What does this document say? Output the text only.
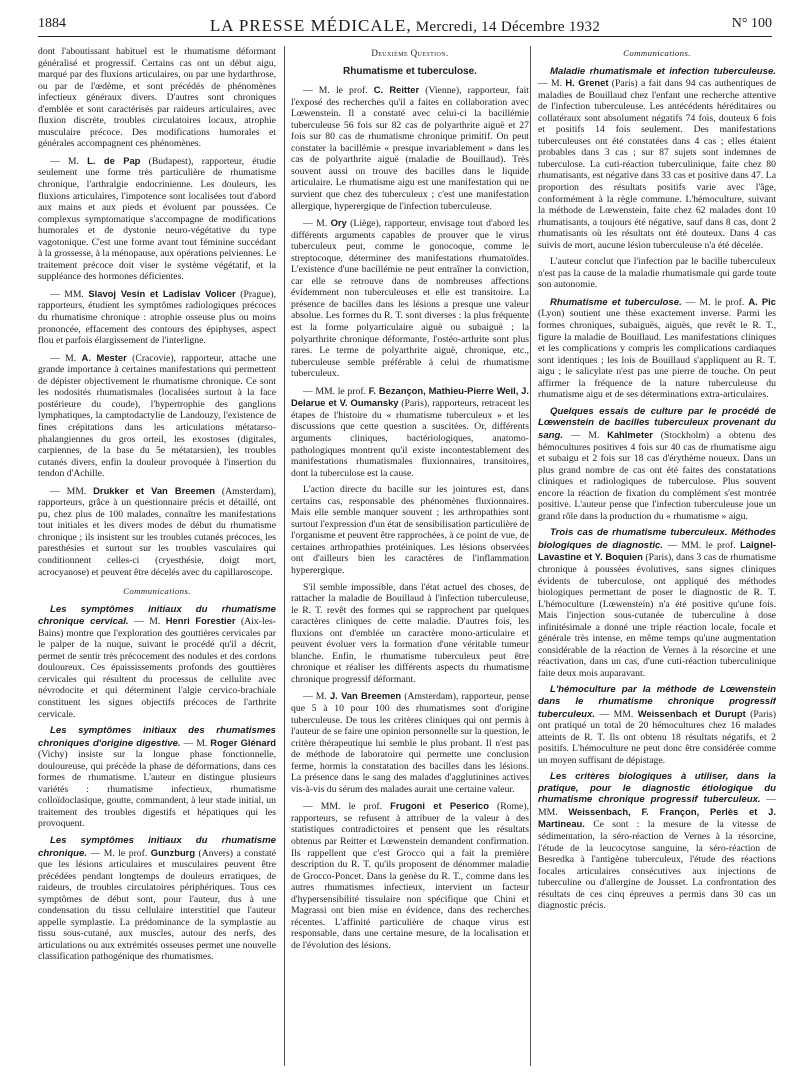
1884	LA PRESSE MÉDICALE, Mercredi, 14 Décembre 1932	N° 100

dont l'aboutissant habituel est le rhumatisme déformant généralisé et progressif. Certains cas ont un début aigu, marqué par des fluxions articulaires, ou par une hydarthrose, ou par de l'œdème, et sont précédés de phénomènes infectieux généraux divers. D'autres sont chroniques d'emblée et sont caractérisés par raideurs articulaires, avec fluxion discrète, troubles circulatoires locaux, atrophie musculaire précoce. Des modifications humorales et générales accompagnent ces phénomènes.

— M. L. de Pap (Budapest), rapporteur, étudie seulement une forme très particulière de rhumatisme chronique, l'arthralgie endocrinienne. Les douleurs, les fluxions articulaires, l'impotence sont localisées tout d'abord aux mains et aux pieds et évoluent par poussées. Ce complexus symptomatique s'accompagne de modifications humorales et de dystonie neuro-végétative du type vagotonique. C'est une forme avant tout féminine succédant à la grossesse, à la ménopause, aux opérations pelviennes. Le traitement précoce doit viser le système végétatif, et la suppléance des hormones déficientes.

— MM. Slavoj Vesin et Ladislav Volicer (Prague), rapporteurs, étudient les symptômes radiologiques précoces du rhumatisme chronique : atrophie osseuse plus ou moins prononcée, effacement des contours des épiphyses, aspect flou et parfois élargissement de l'interligne.

— M. A. Mester (Cracovie), rapporteur, attache une grande importance à certaines manifestations qui permettent de dépister objectivement le rhumatisme chronique. Ce sont les nodosités rhumatismales (localisées surtout à la face postérieure du coude), l'hypertrophie des ganglions lymphatiques, la camptodactylie de Landouzy, l'existence de fines crépitations dans les articulations métatarso-phalangiennes du gros orteil, les exostoses (digitales, carpiennes, de la base du 5e métatarsien), les troubles cutanés divers, enfin la douleur provoquée à l'insertion du tendon d'Achille.

— MM. Drukker et Van Breemen (Amsterdam), rapporteurs, grâce à un questionnaire précis et détaillé, ont pu, chez plus de 100 malades, connaître les manifestations tout initiales et les divers modes de début du rhumatisme chronique ; ils insistent sur les troubles cutanés précoces, les paresthésies et surtout sur les troubles vasculaires qui conditionnent celles-ci (cryesthésie, doigt mort, acrocyanose) et peuvent être décelés avec du capillaroscope.

Communications.

Les symptômes initiaux du rhumatisme chronique cervical. — M. Henri Forestier (Aix-les-Bains) montre que l'exploration des gouttières cervicales par le palper de la nuque, suivant le procédé qu'il a décrit, permet de sentir très précocement des nodules et des cordons douloureux. Ces épaississements profonds des gouttières cervicales qui résultent du processus de cellulite avec névrodocite et qui déterminent l'algie cervico-brachiale constituent les signes objectifs précoces de l'arthrite cervicale.

Les symptômes initiaux des rhumatismes chroniques d'origine digestive. — M. Roger Glénard (Vichy) insiste sur la longue phase fonctionnelle, douloureuse, qui précède la phase de déformations, dans ces formes de rhumatisme. L'auteur en distingue plusieurs variétés : rhumatisme infectieux, rhumatisme colloïdoclasique, goutte, commandent, à leur stade initial, un traitement des troubles digestifs et hépatiques qui les provoquent.

Les symptômes initiaux du rhumatisme chronique. — M. le prof. Gunzburg (Anvers) a constaté que les lésions articulaires et musculaires peuvent être précédées pendant longtemps de douleurs erratiques, de raideurs, de troubles circulatoires périphériques. Tous ces symptômes de début sont, pour l'auteur, dus à une condensation du tissu cellulaire interstitiel que l'auteur appelle symplastie. La prédominance de la symplastie au tissu sous-cutané, aux muscles, autour des nerfs, des articulations ou aux extrémités osseuses permet une nouvelle classification pathogénique des rhumatismes.

Deuxième Question.
Rhumatisme et tuberculose.

— M. le prof. C. Reitter (Vienne), rapporteur, fait l'exposé des recherches qu'il a faites en collaboration avec Lœwenstein. Il a constaté avec celui-ci la bacillémie tuberculeuse 56 fois sur 82 cas de polyarthrite aiguë et 27 fois sur 80 cas de rhumatisme chronique primitif. On peut constater la bacillémie « presque invariablement » dans les cas de polyarthrite aiguë (maladie de Bouillaud). Très souvent aussi on trouve des bacilles dans le liquide articulaire. Le rhumatisme aigu est une manifestation qui ne survient que chez des tuberculeux ; c'est une manifestation allergique, hyperergique de l'infection tuberculeuse.

— M. Ory (Liège), rapporteur, envisage tout d'abord les différents arguments capables de prouver que le virus tuberculeux peut, comme le gonocoque, comme le streptocoque, déterminer des manifestations rhumatoïdes. L'existence d'une bacillémie ne peut entraîner la conviction, car elle se retrouve dans de nombreuses affections évidemment non tuberculeuses et elle est transitoire. La présence de bacilles dans les lésions a presque une valeur absolue. Les formes du R. T. sont diverses : la plus fréquente est la forme polyarticulaire aiguë ou subaiguë ; la polyarthrite chronique déformante, l'ostéo-arthrite sont plus rares. Le terme de polyarthrite aiguë, chronique, etc., tuberculeuse semble préférable à celui de rhumatisme tuberculeux.

— MM. le prof. F. Bezançon, Mathieu-Pierre Weil, J. Delarue et V. Oumansky (Paris), rapporteurs, retracent les étapes de l'histoire du « rhumatisme tuberculeux » et les discussions que cette question a suscitées. Or, différents arguments cliniques, bactériologiques, anatomo-pathologiques montrent qu'il existe incontestablement des manifestations rhumatismales fluxionnaires, transitoires, dont la tuberculose est la cause.

L'action directe du bacille sur les jointures est, dans certains cas, responsable des phénomènes fluxionnaires. Mais elle semble manquer souvent ; les arthropathies sont surtout l'expression d'un état de sensibilisation particulière de l'organisme et peuvent être rapprochées, à ce point de vue, de certaines arthropathies protéiniques. Les lésions observées ont d'ailleurs bien les caractères de l'inflammation hyperergique.

S'il semble impossible, dans l'état actuel des choses, de rattacher la maladie de Bouillaud à l'infection tuberculeuse, le R. T. revêt des formes qui se rapprochent par quelques caractères cliniques de cette maladie. D'autres fois, les fluxions ont d'emblée un caractère mono-articulaire et peuvent évoluer vers la formation d'une véritable tumeur blanche. Enfin, le rhumatisme tuberculeux peut être chronique et réaliser les différents aspects du rhumatisme chronique progressif déformant.

— M. J. Van Breemen (Amsterdam), rapporteur, pense que 5 à 10 pour 100 des rhumatismes sont d'origine tuberculeuse. De tous les critères cliniques qui ont permis à l'auteur de se faire une opinion personnelle sur la question, le critère thérapeutique lui semble le plus probant. Il n'est pas de méthode de laboratoire qui permette une conclusion ferme, hormis la constatation des bacilles dans les lésions. La présence dans le sang des malades d'agglutinines actives vis-à-vis du sérum des malades aurait une certaine valeur.

— MM. le prof. Frugoni et Peserico (Rome), rapporteurs, se refusent à attribuer de la valeur à des statistiques contradictoires et pensent que les résultats obtenus par Reitter et Lœwenstein demandent confirmation. Ils rappellent que c'est Grocco qui a fait la première description du R. T. qu'ils proposent de dénommer maladie de Grocco-Poncet. Dans la genèse du R. T., comme dans les autres rhumatismes infectieux, intervient un facteur d'hypersensibilité tissulaire non spécifique que Chini et Magrassi ont bien mise en évidence, dans des recherches récentes. L'affinité particulière de chaque virus est responsable, dans une certaine mesure, de la localisation et de l'évolution des lésions.

Communications.

Maladie rhumatismale et infection tuberculeuse. — M. H. Grenet (Paris) a fait dans 94 cas authentiques de maladies de Bouillaud chez l'enfant une recherche attentive de l'infection tuberculeuse. Les antécédents héréditaires ou collatéraux sont absolument négatifs 74 fois, douteux 6 fois et positifs 14 fois seulement. Des manifestations tuberculeuses ont été constatées dans 4 cas ; elles étaient probables dans 3 cas ; sur 87 sujets sont indemnes de tuberculose. La cuti-réaction tuberculinique, faite chez 80 rhumatisants, est négative dans 33 cas et positive dans 47. La proportion des résultats positifs varie avec l'âge, conformément à la règle commune. L'hémoculture, suivant la méthode de Lœwenstein, faite chez 62 malades dont 10 rhumatisants, a toujours été négative, sauf dans 8 cas, dont 2 rhumatisants où les résultats ont été douteux. Dans 4 cas suivis de mort, aucune lésion tuberculeuse n'a été décelée.

L'auteur conclut que l'infection par le bacille tuberculeux n'est pas la cause de la maladie rhumatismale qui garde toute son autonomie.

Rhumatisme et tuberculose. — M. le prof. A. Pic (Lyon) soutient une thèse exactement inverse. Parmi les formes chroniques, subaiguës, aiguës, que revêt le R. T., figure la maladie de Bouillaud. Les manifestations cliniques et les complications y compris les complications cardiaques sont identiques ; les lois de Bouillaud s'appliquent au R. T. aigu ; le salicylate n'est pas une pierre de touche. On peut affirmer la fréquence de la nature tuberculeuse du rhumatisme aigu et de ses déterminations extra-articulaires.

Quelques essais de culture par le procédé de Lœwenstein de bacilles tuberculeux provenant du sang. — M. Kahlmeter (Stockholm) a obtenu des hémocultures positives 4 fois sur 40 cas de rhumatisme aigu et subaigu et 2 fois sur 18 cas d'érythème noueux. Dans un plus grand nombre de cas ont été faites des constatations cliniques et radiologiques de tuberculose. Plus souvent encore la réaction de fixation du complément s'est montrée positive. L'auteur pense que l'infection tuberculeuse joue un grand rôle dans la production du « rhumatisme » aigu.

Trois cas de rhumatisme tuberculeux. Méthodes biologiques de diagnostic. — MM. le prof. Laignel-Lavastine et Y. Boquien (Paris), dans 3 cas de rhumatisme chronique à poussées évolutives, sans signes cliniques évidents de tuberculose, ont appliqué des méthodes biologiques permettant de poser le diagnostic de R. T. L'hémoculture (Lœwenstein) n'a été positive qu'une fois. Mais l'injection sous-cutanée de tuberculine à dose infinitésimale a donné une triple réaction locale, focale et générale très intense, en même temps qu'une augmentation considérable de la réaction de Vernes à la résorcine et une réactivation, dans un cas, d'une cuti-réaction tuberculinique faite deux mois auparavant.

L'hémoculture par la méthode de Lœwenstein dans le rhumatisme chronique progressif tuberculeux. — MM. Weissenbach et Durupt (Paris) ont pratiqué un total de 20 hémocultures chez 16 malades atteints de R. T. Ils ont obtenu 18 résultats négatifs, et 2 positifs. L'hémoculture ne peut donc être considérée comme un moyen suffisant de dépistage.

Les critères biologiques à utiliser, dans la pratique, pour le diagnostic étiologique du rhumatisme chronique progressif tuberculeux. — MM. Weissenbach, F. Françon, Perlès et J. Martineau. Ce sont : la mesure de la vitesse de sédimentation, la séro-réaction de Vernes à la résorcine, l'étude de la leucocytose sanguine, la séro-réaction de Besredka à l'antigène tuberculeux, l'étude des réactions focales articulaires consécutives aux injections de tuberculine ou d'allergine de Jousset. La confrontation des résultats de ces cinq épreuves a permis dans 30 cas un diagnostic précis.
